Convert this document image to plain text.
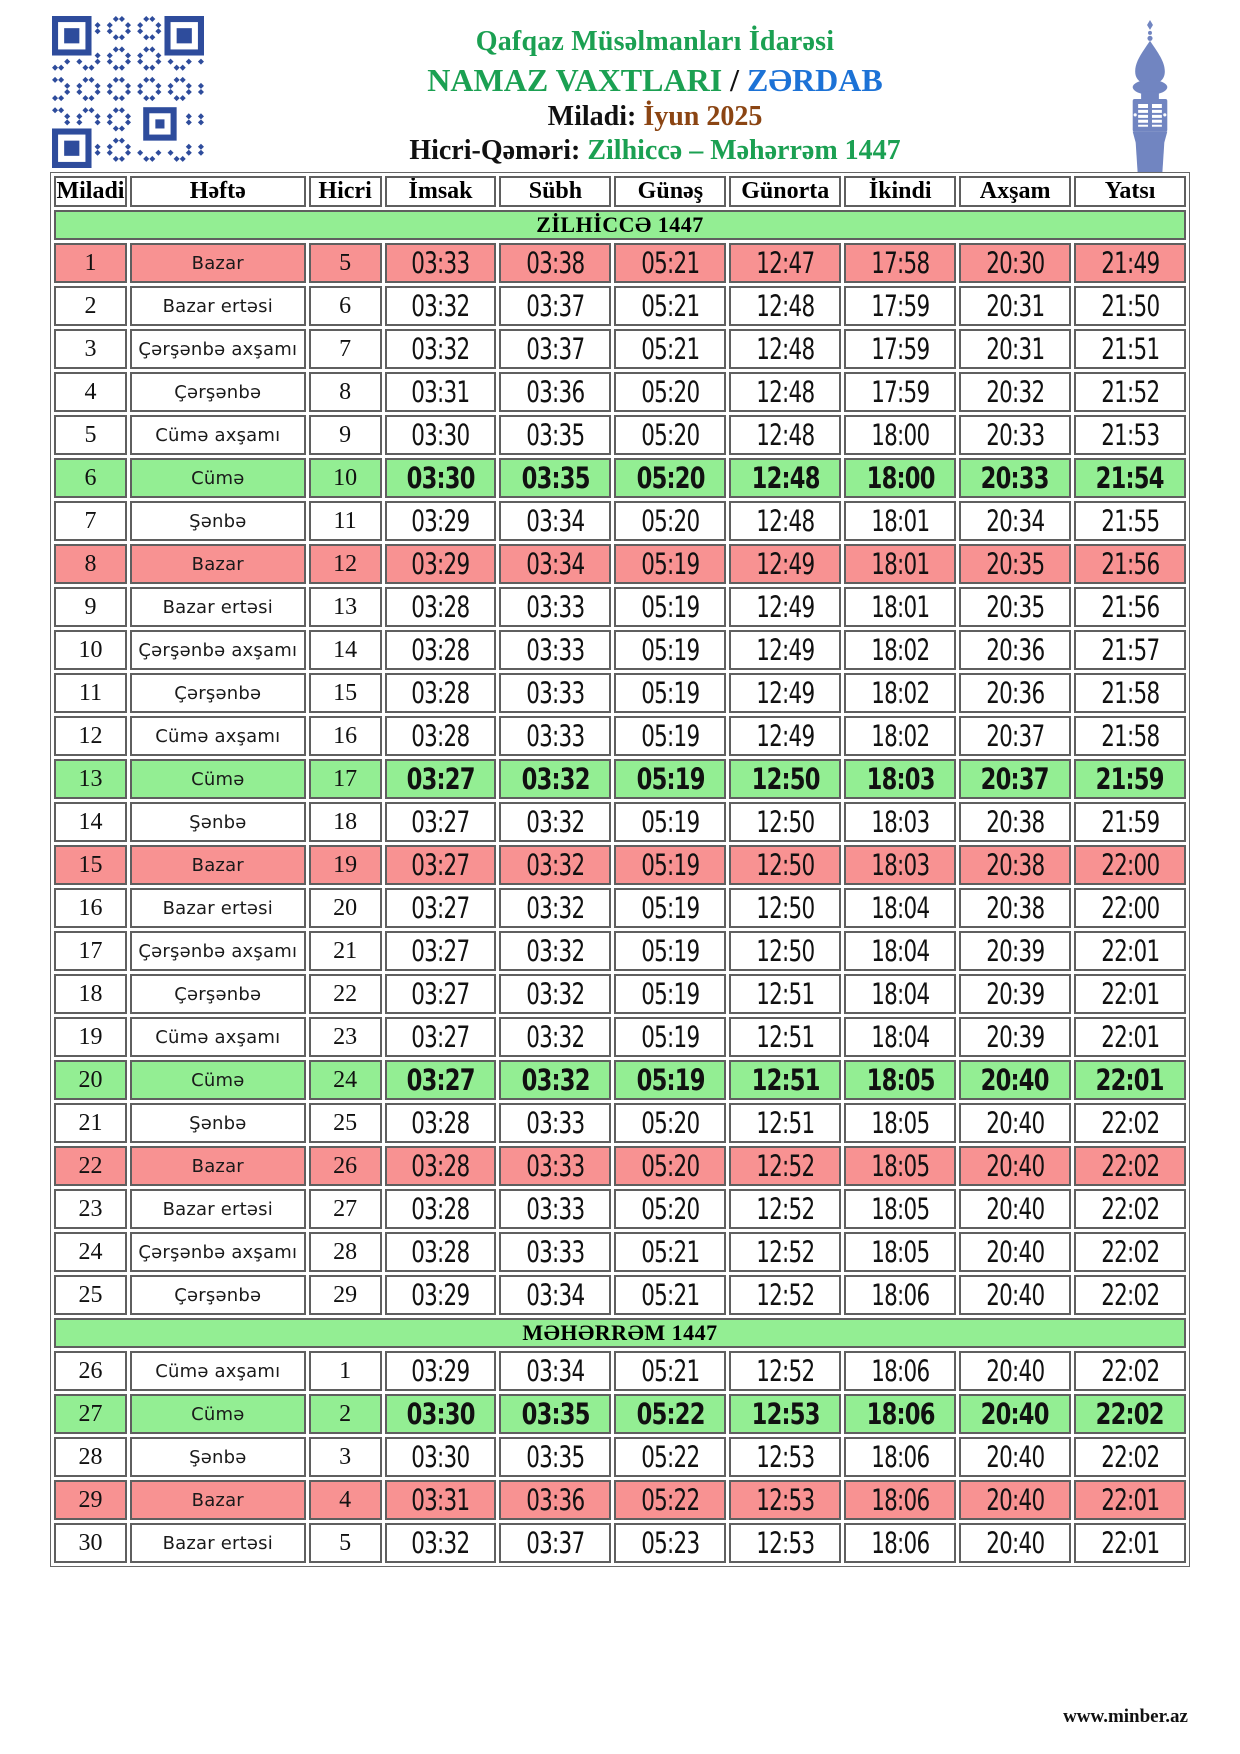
Qafqaz Müsəlmanları İdarəsi
NAMAZ VAXTLARI / ZƏRDAB
Miladi: İyun 2025
Hicri-Qəməri: Zilhiccə – Məhərrəm 1447
Miladi	Həftə	Hicri	İmsak	Sübh	Günəş	Günorta	İkindi	Axşam	Yatsı
ZİLHİCCƏ 1447									
1	Bazar	5	03:33	03:38	05:21	12:47	17:58	20:30	21:49
2	Bazar ertəsi	6	03:32	03:37	05:21	12:48	17:59	20:31	21:50
3	Çərşənbə axşamı	7	03:32	03:37	05:21	12:48	17:59	20:31	21:51
4	Çərşənbə	8	03:31	03:36	05:20	12:48	17:59	20:32	21:52
5	Cümə axşamı	9	03:30	03:35	05:20	12:48	18:00	20:33	21:53
6	Cümə	10	03:30	03:35	05:20	12:48	18:00	20:33	21:54
7	Şənbə	11	03:29	03:34	05:20	12:48	18:01	20:34	21:55
8	Bazar	12	03:29	03:34	05:19	12:49	18:01	20:35	21:56
9	Bazar ertəsi	13	03:28	03:33	05:19	12:49	18:01	20:35	21:56
10	Çərşənbə axşamı	14	03:28	03:33	05:19	12:49	18:02	20:36	21:57
11	Çərşənbə	15	03:28	03:33	05:19	12:49	18:02	20:36	21:58
12	Cümə axşamı	16	03:28	03:33	05:19	12:49	18:02	20:37	21:58
13	Cümə	17	03:27	03:32	05:19	12:50	18:03	20:37	21:59
14	Şənbə	18	03:27	03:32	05:19	12:50	18:03	20:38	21:59
15	Bazar	19	03:27	03:32	05:19	12:50	18:03	20:38	22:00
16	Bazar ertəsi	20	03:27	03:32	05:19	12:50	18:04	20:38	22:00
17	Çərşənbə axşamı	21	03:27	03:32	05:19	12:50	18:04	20:39	22:01
18	Çərşənbə	22	03:27	03:32	05:19	12:51	18:04	20:39	22:01
19	Cümə axşamı	23	03:27	03:32	05:19	12:51	18:04	20:39	22:01
20	Cümə	24	03:27	03:32	05:19	12:51	18:05	20:40	22:01
21	Şənbə	25	03:28	03:33	05:20	12:51	18:05	20:40	22:02
22	Bazar	26	03:28	03:33	05:20	12:52	18:05	20:40	22:02
23	Bazar ertəsi	27	03:28	03:33	05:20	12:52	18:05	20:40	22:02
24	Çərşənbə axşamı	28	03:28	03:33	05:21	12:52	18:05	20:40	22:02
25	Çərşənbə	29	03:29	03:34	05:21	12:52	18:06	20:40	22:02
MƏHƏRRƏM 1447									
26	Cümə axşamı	1	03:29	03:34	05:21	12:52	18:06	20:40	22:02
27	Cümə	2	03:30	03:35	05:22	12:53	18:06	20:40	22:02
28	Şənbə	3	03:30	03:35	05:22	12:53	18:06	20:40	22:02
29	Bazar	4	03:31	03:36	05:22	12:53	18:06	20:40	22:01
30	Bazar ertəsi	5	03:32	03:37	05:23	12:53	18:06	20:40	22:01
www.minber.az
